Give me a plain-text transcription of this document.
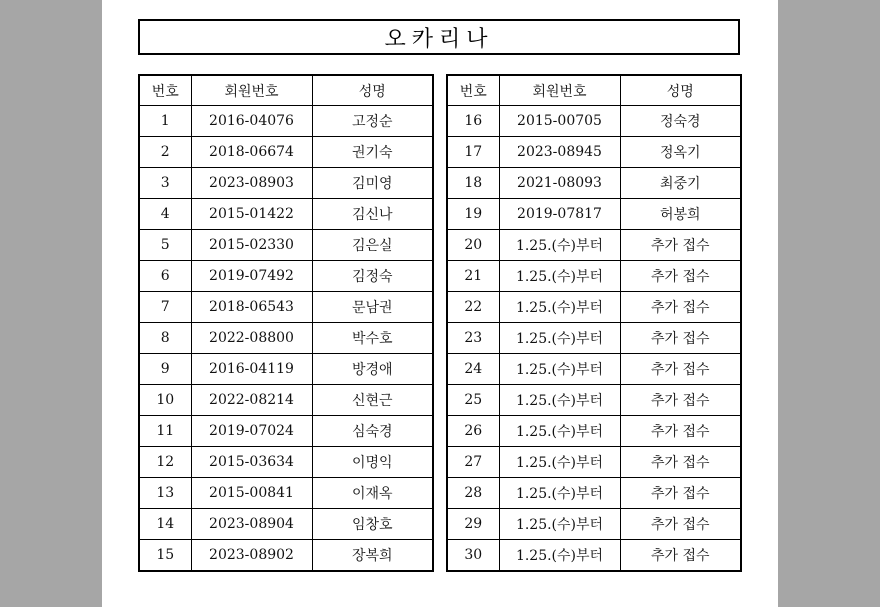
오카리나
번호	회원번호	성명
1	2016-04076	고정순
2	2018-06674	권기숙
3	2023-08903	김미영
4	2015-01422	김신나
5	2015-02330	김은실
6	2019-07492	김정숙
7	2018-06543	문남권
8	2022-08800	박수호
9	2016-04119	방경애
10	2022-08214	신현근
11	2019-07024	심숙경
12	2015-03634	이명익
13	2015-00841	이재옥
14	2023-08904	임창호
15	2023-08902	장복희
번호	회원번호	성명
16	2015-00705	정숙경
17	2023-08945	정옥기
18	2021-08093	최중기
19	2019-07817	허봉희
20	1.25.(수)부터	추가 접수
21	1.25.(수)부터	추가 접수
22	1.25.(수)부터	추가 접수
23	1.25.(수)부터	추가 접수
24	1.25.(수)부터	추가 접수
25	1.25.(수)부터	추가 접수
26	1.25.(수)부터	추가 접수
27	1.25.(수)부터	추가 접수
28	1.25.(수)부터	추가 접수
29	1.25.(수)부터	추가 접수
30	1.25.(수)부터	추가 접수
